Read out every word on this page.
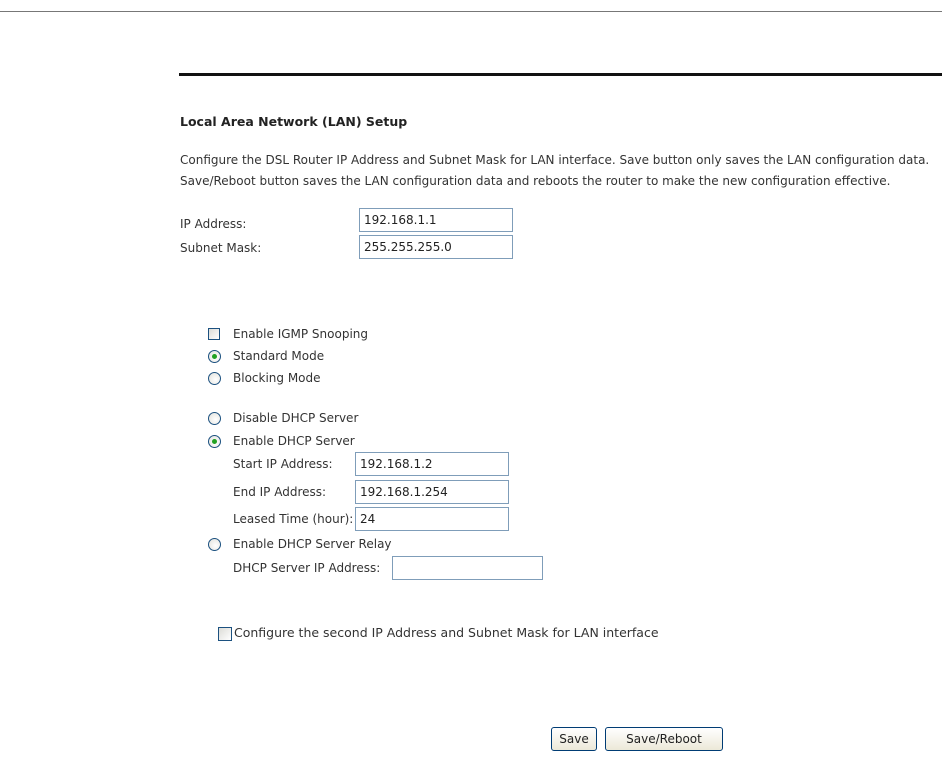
Local Area Network (LAN) Setup
Configure the DSL Router IP Address and Subnet Mask for LAN interface. Save button only saves the LAN configuration data.
Save/Reboot button saves the LAN configuration data and reboots the router to make the new configuration effective.
IP Address:
192.168.1.1
Subnet Mask:
255.255.255.0
Enable IGMP Snooping
Standard Mode
Blocking Mode
Disable DHCP Server
Enable DHCP Server
Start IP Address:
192.168.1.2
End IP Address:
192.168.1.254
Leased Time (hour):
24
Enable DHCP Server Relay
DHCP Server IP Address:
Configure the second IP Address and Subnet Mask for LAN interface
Save	Save/Reboot
